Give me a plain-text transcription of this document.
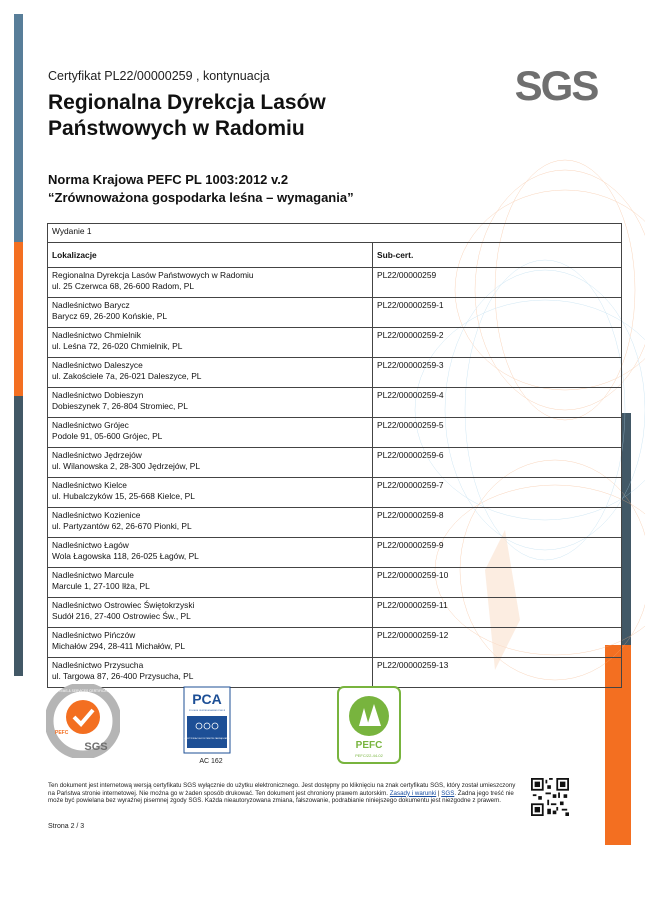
Certyfikat PL22/00000259 , kontynuacja
Regionalna Dyrekcja Lasów
Państwowych w Radomiu
Norma Krajowa PEFC PL 1003:2012 v.2
“Zrównoważona gospodarka leśna – wymagania”
SGS
Wydanie 1	
Lokalizacje	Sub-cert.

Regionalna Dyrekcja Lasów Państwowych w Radomiu
ul. 25 Czerwca 68, 26-600 Radom, PL	PL22/00000259

Nadleśnictwo Barycz
Barycz 69, 26-200 Końskie, PL	PL22/00000259-1

Nadleśnictwo Chmielnik
ul. Leśna 72, 26-020 Chmielnik, PL	PL22/00000259-2

Nadleśnictwo Daleszyce
ul. Zakościele 7a, 26-021 Daleszyce, PL	PL22/00000259-3

Nadleśnictwo Dobieszyn
Dobieszynek 7, 26-804 Stromiec, PL	PL22/00000259-4

Nadleśnictwo Grójec
Podole 91, 05-600 Grójec, PL	PL22/00000259-5

Nadleśnictwo Jędrzejów
ul. Wilanowska 2, 28-300 Jędrzejów, PL	PL22/00000259-6

Nadleśnictwo Kielce
ul. Hubalczyków 15, 25-668 Kielce, PL	PL22/00000259-7

Nadleśnictwo Kozienice
ul. Partyzantów 62, 26-670 Pionki, PL	PL22/00000259-8

Nadleśnictwo Łagów
Wola Łagowska 118, 26-025 Łagów, PL	PL22/00000259-9

Nadleśnictwo Marcule
Marcule 1, 27-100 Iłża, PL	PL22/00000259-10

Nadleśnictwo Ostrowiec Świętokrzyski
Sudół 216, 27-400 Ostrowiec Św., PL	PL22/00000259-11

Nadleśnictwo Pińczów
Michałów 294, 28-411 Michałów, PL	PL22/00000259-12

Nadleśnictwo Przysucha
ul. Targowa 87, 26-400 Przysucha, PL	PL22/00000259-13
SYSTEMS & SERVICES CERTIFICATION
PEFC
SGS
PCA
POLSKIE CENTRUM AKREDYTACJI
CERTYFIKACJA SYSTEMÓW ZARZĄDZANIA
AC 162
PEFC
PEFC/22-44-02
Ten dokument jest internetową wersją certyfikatu SGS wyłącznie do użytku elektronicznego. Jest dostępny po kliknięciu na znak certyfikatu SGS, który został umieszczony na Państwa stronie internetowej. Nie można go w żaden sposób drukować. Ten dokument jest chroniony prawem autorskim. Zasady i warunki | SGS. Żadna jego treść nie może być powielana bez wyraźnej pisemnej zgody SGS. Każda nieautoryzowana zmiana, fałszowanie, podrabianie niniejszego dokumentu jest niezgodne z prawem.
Strona 2 / 3
